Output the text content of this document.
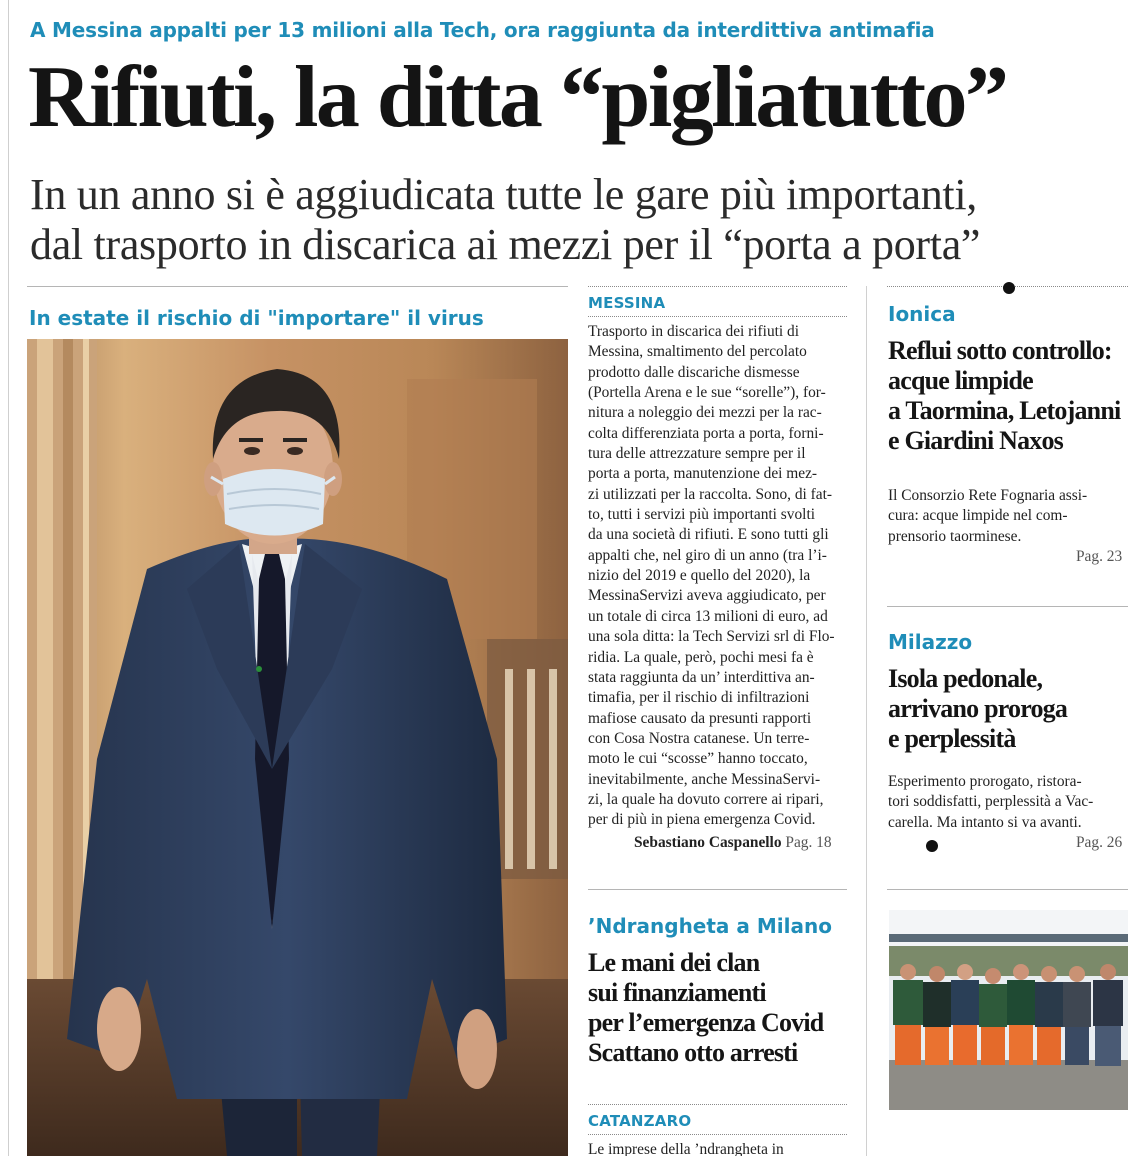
A Messina appalti per 13 milioni alla Tech, ora raggiunta da interdittiva antimafia
Rifiuti, la ditta “pigliatutto”
In un anno si è aggiudicata tutte le gare più importanti,
dal trasporto in discarica ai mezzi per il “porta a porta”
In estate il rischio di "importare" il virus
MESSINA
Trasporto in discarica dei rifiuti di
Messina, smaltimento del percolato
prodotto dalle discariche dismesse
(Portella Arena e le sue “sorelle”), for-
nitura a noleggio dei mezzi per la rac-
colta differenziata porta a porta, forni-
tura delle attrezzature sempre per il
porta a porta, manutenzione dei mez-
zi utilizzati per la raccolta. Sono, di fat-
to, tutti i servizi più importanti svolti
da una società di rifiuti. E sono tutti gli
appalti che, nel giro di un anno (tra l’i-
nizio del 2019 e quello del 2020), la
MessinaServizi aveva aggiudicato, per
un totale di circa 13 milioni di euro, ad
una sola ditta: la Tech Servizi srl di Flo-
ridia. La quale, però, pochi mesi fa è
stata raggiunta da un’ interdittiva an-
timafia, per il rischio di infiltrazioni
mafiose causato da presunti rapporti
con Cosa Nostra catanese. Un terre-
moto le cui “scosse” hanno toccato,
inevitabilmente, anche MessinaServi-
zi, la quale ha dovuto correre ai ripari,
per di più in piena emergenza Covid.
Sebastiano Caspanello Pag. 18
’Ndrangheta a Milano
Le mani dei clan
sui finanziamenti
per l’emergenza Covid
Scattano otto arresti
CATANZARO
Le imprese della ’ndrangheta in
Ionica
Reflui sotto controllo:
acque limpide
a Taormina, Letojanni
e Giardini Naxos
Il Consorzio Rete Fognaria assi-
cura: acque limpide nel com-
prensorio taorminese.
Pag. 23
Milazzo
Isola pedonale,
arrivano proroga
e perplessità
Esperimento prorogato, ristora-
tori soddisfatti, perplessità a Vac-
carella. Ma intanto si va avanti.
Pag. 26
